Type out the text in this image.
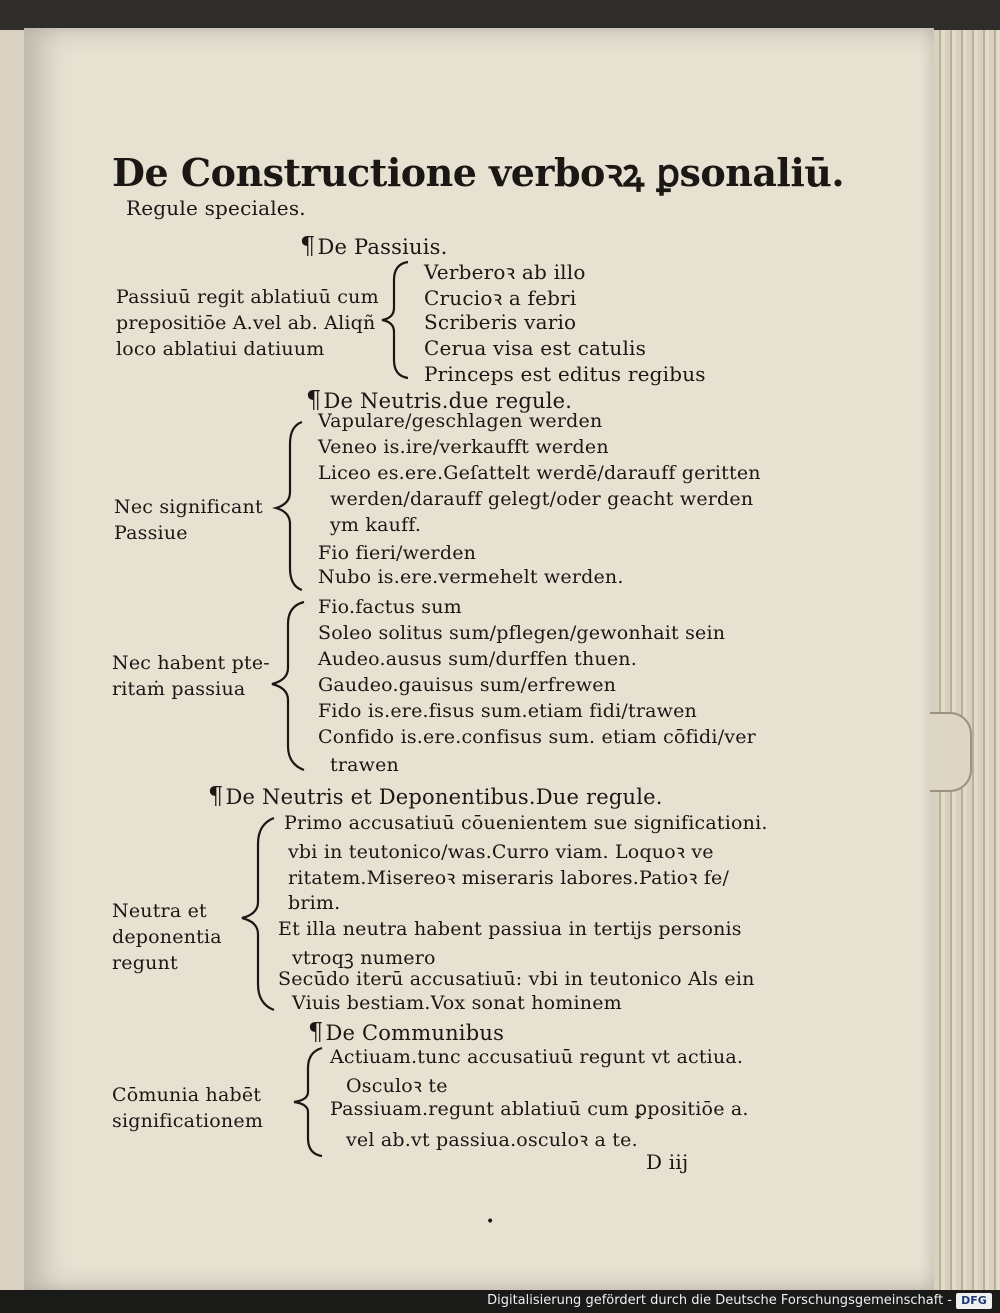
De Constructione verboꝛꝝ ꝑsonaliū.
Regule speciales.
¶De Passiuis.
Passiuū regit ablatiuū cum
prepositiōe A.vel ab. Aliqñ
loco ablatiui datiuum
Verberoꝛ ab illo
Crucioꝛ a febri
Scriberis vario
Cerua visa est catulis
Princeps est editus regibus
¶De Neutris.due regule.
Nec significant
Passiue
Vapulare/geschlagen werden
Veneo is.ire/verkaufft werden
Liceo es.ere.Geſattelt werdē/darauff geritten
werden/darauff gelegt/oder geacht werden
ym kauff.
Fio fieri/werden
Nubo is.ere.vermehelt werden.
Nec habent pte-
ritaṁ passiua
Fio.factus sum
Soleo solitus sum/pflegen/gewonhait sein
Audeo.ausus sum/durffen thuen.
Gaudeo.gauisus sum/erfrewen
Fido is.ere.fisus sum.etiam fidi/trawen
Confido is.ere.confisus sum. etiam cōfidi/ver
trawen
¶De Neutris et Deponentibus.Due regule.
Neutra et
deponentia
regunt
Primo accusatiuū cōuenientem sue significationi.
vbi in teutonico/was.Curro viam. Loquoꝛ ve
ritatem.Misereoꝛ miseraris labores.Patioꝛ fe/
brim.
Et illa neutra habent passiua in tertijs personis
vtroqꝫ numero
Secūdo iterū accusatiuū: vbi in teutonico Als ein
Viuis bestiam.Vox sonat hominem
¶De Communibus
Cōmunia habēt
significationem
Actiuam.tunc accusatiuū regunt vt actiua.
Osculoꝛ te
Passiuam.regunt ablatiuū cum ꝑpositiōe a.
vel ab.vt passiua.osculoꝛ a te.
D iij
•
Digitalisierung gefördert durch die Deutsche Forschungsgemeinschaft - DFG
